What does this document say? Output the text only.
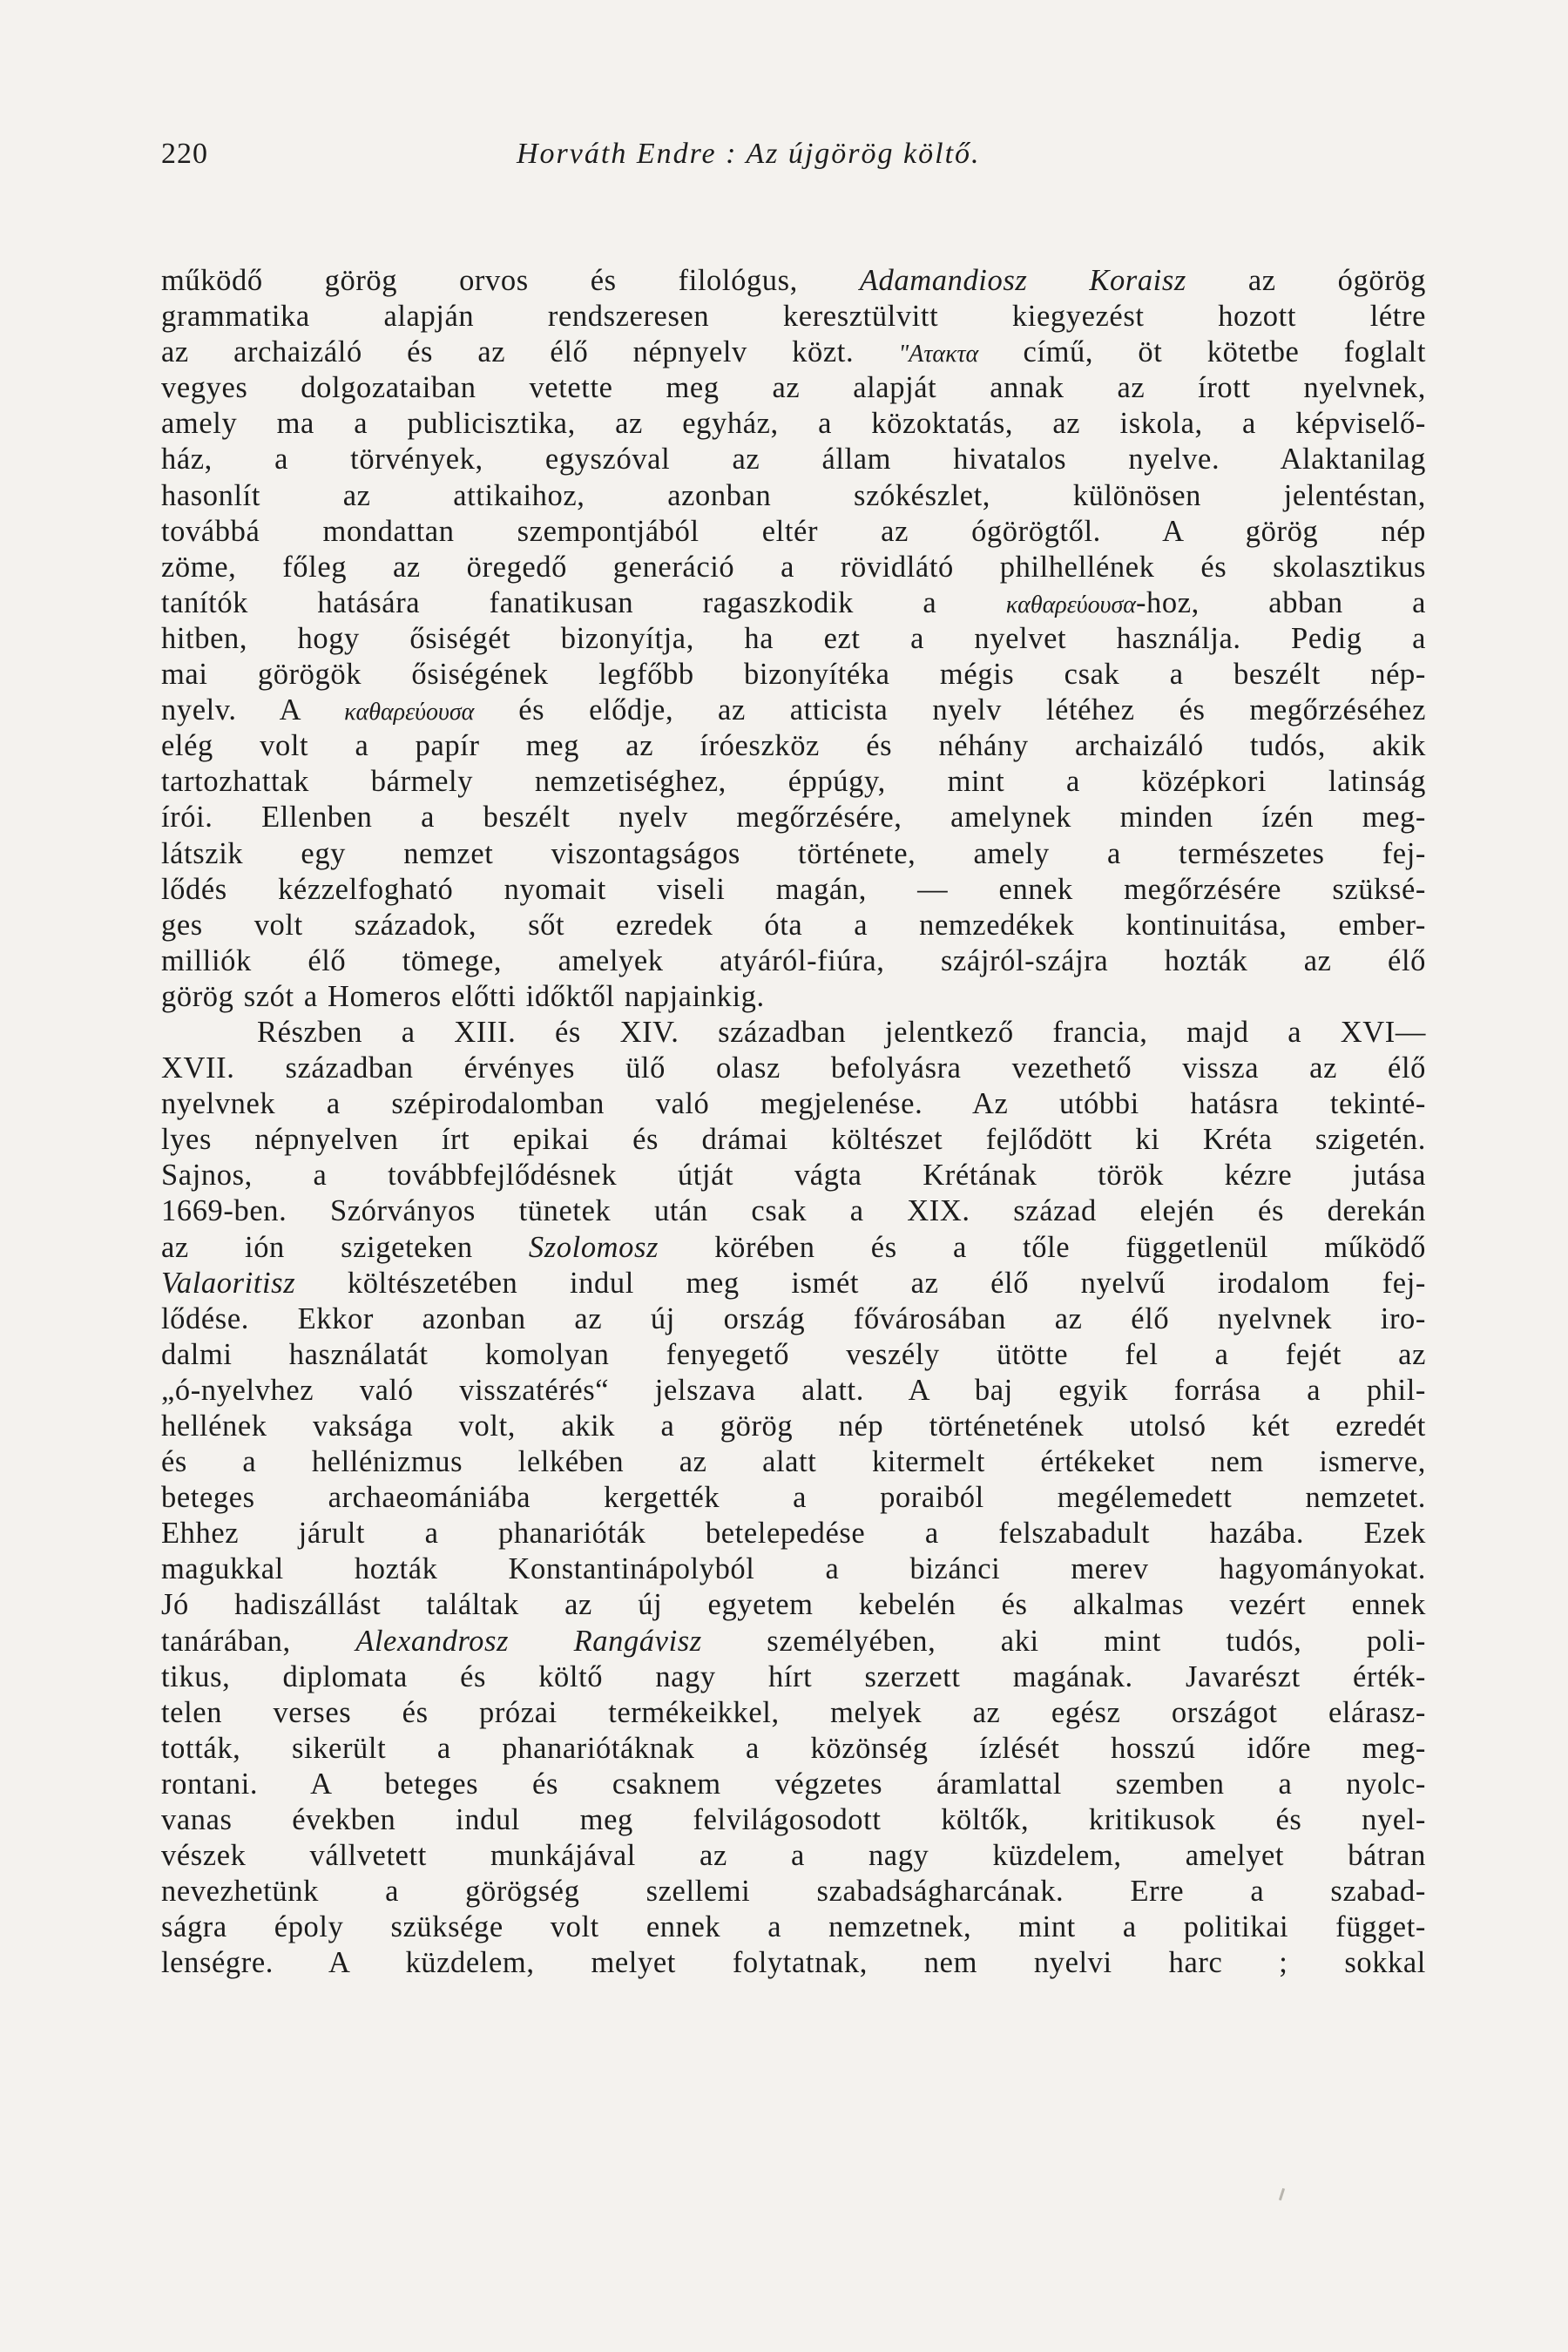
220	Horváth Endre : Az újgörög költő.
működő görög orvos és filológus, Adamandiosz Koraisz az ógörög
grammatika alapján rendszeresen keresztülvitt kiegyezést hozott létre
az archaizáló és az élő népnyelv közt. "Ατακτα című, öt kötetbe foglalt
vegyes dolgozataiban vetette meg az alapját annak az írott nyelvnek,
amely ma a publicisztika, az egyház, a közoktatás, az iskola, a képviselő-
ház, a törvények, egyszóval az állam hivatalos nyelve. Alaktanilag
hasonlít az attikaihoz, azonban szókészlet, különösen jelentéstan,
továbbá mondattan szempontjából eltér az ógörögtől. A görög nép
zöme, főleg az öregedő generáció a rövidlátó philhellének és skolasztikus
tanítók hatására fanatikusan ragaszkodik a καθαρεύουσα-hoz, abban a
hitben, hogy ősiségét bizonyítja, ha ezt a nyelvet használja. Pedig a
mai görögök ősiségének legfőbb bizonyítéka mégis csak a beszélt nép-
nyelv. A καθαρεύουσα és elődje, az atticista nyelv létéhez és megőrzéséhez
elég volt a papír meg az íróeszköz és néhány archaizáló tudós, akik
tartozhattak bármely nemzetiséghez, éppúgy, mint a középkori latinság
írói. Ellenben a beszélt nyelv megőrzésére, amelynek minden ízén meg-
látszik egy nemzet viszontagságos története, amely a természetes fej-
lődés kézzelfogható nyomait viseli magán, — ennek megőrzésére szüksé-
ges volt századok, sőt ezredek óta a nemzedékek kontinuitása, ember-
milliók élő tömege, amelyek atyáról-fiúra, szájról-szájra hozták az élő
görög szót a Homeros előtti időktől napjainkig.
Részben a XIII. és XIV. században jelentkező francia, majd a XVI—
XVII. században érvényes ülő olasz befolyásra vezethető vissza az élő
nyelvnek a szépirodalomban való megjelenése. Az utóbbi hatásra tekinté-
lyes népnyelven írt epikai és drámai költészet fejlődött ki Kréta szigetén.
Sajnos, a továbbfejlődésnek útját vágta Krétának török kézre jutása
1669-ben. Szórványos tünetek után csak a XIX. század elején és derekán
az ión szigeteken Szolomosz körében és a tőle függetlenül működő
Valaoritisz költészetében indul meg ismét az élő nyelvű irodalom fej-
lődése. Ekkor azonban az új ország fővárosában az élő nyelvnek iro-
dalmi használatát komolyan fenyegető veszély ütötte fel a fejét az
„ó-nyelvhez való visszatérés“ jelszava alatt. A baj egyik forrása a phil-
hellének vaksága volt, akik a görög nép történetének utolsó két ezredét
és a hellénizmus lelkében az alatt kitermelt értékeket nem ismerve,
beteges archaeomániába kergették a poraiból megélemedett nemzetet.
Ehhez járult a phanarióták betelepedése a felszabadult hazába. Ezek
magukkal hozták Konstantinápolyból a bizánci merev hagyományokat.
Jó hadiszállást találtak az új egyetem kebelén és alkalmas vezért ennek
tanárában, Alexandrosz Rangávisz személyében, aki mint tudós, poli-
tikus, diplomata és költő nagy hírt szerzett magának. Javarészt érték-
telen verses és prózai termékeikkel, melyek az egész országot elárasz-
tották, sikerült a phanariótáknak a közönség ízlését hosszú időre meg-
rontani. A beteges és csaknem végzetes áramlattal szemben a nyolc-
vanas években indul meg felvilágosodott költők, kritikusok és nyel-
vészek vállvetett munkájával az a nagy küzdelem, amelyet bátran
nevezhetünk a görögség szellemi szabadságharcának. Erre a szabad-
ságra époly szüksége volt ennek a nemzetnek, mint a politikai függet-
lenségre. A küzdelem, melyet folytatnak, nem nyelvi harc ; sokkal
